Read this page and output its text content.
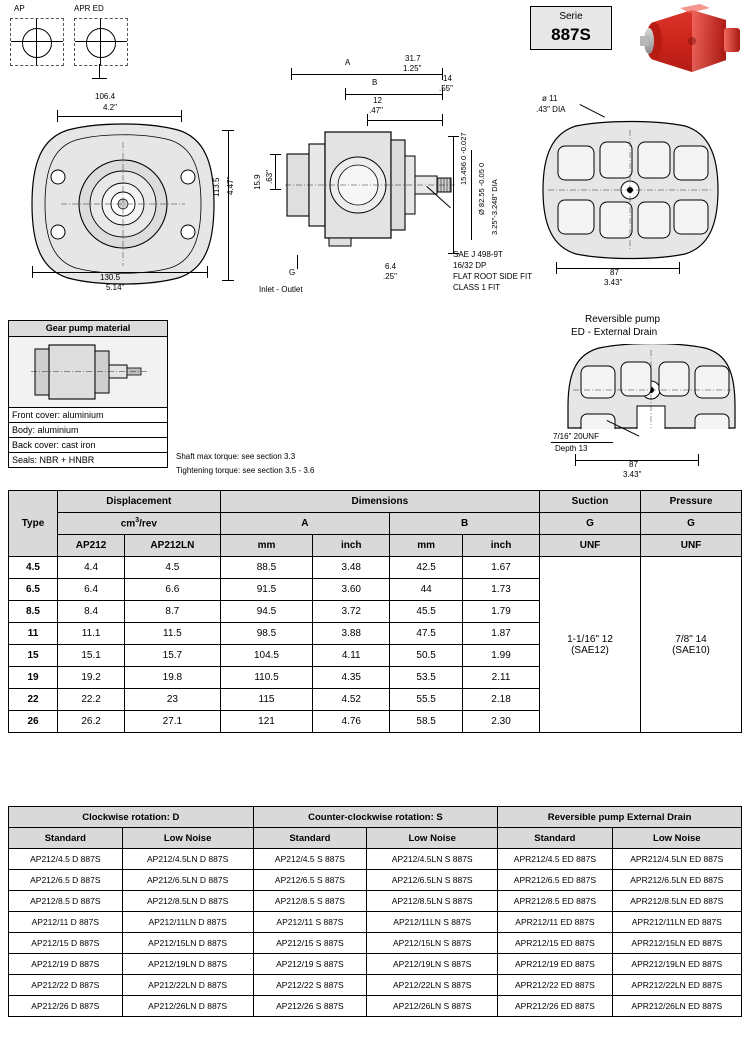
AP	APR ED
Serie
887S
106.4
4.2"
113.5 4.47"
130.5
5.14"
A
B
31.7
1.25"
14
.55"
12
.47"
15.9 .63"
6.4
.25"
G
Inlet - Outlet
15.456 0 -0.027
Ø 82.55 -0.05 0 3.25"-3.248" DIA
SAE J 498-9T
16/32 DP
FLAT ROOT SIDE FIT
CLASS 1 FIT
ø 11
.43" DIA
87
3.43"
Reversible pump
ED - External Drain
7/16" 20UNF
Depth 13
87
3.43"
Gear pump material
Front cover: aluminium
Body: aluminium
Back cover: cast iron
Seals: NBR + HNBR	Shaft max torque: see section 3.3
Tightening torque: see section 3.5 - 3.6
Type	Displacement		Dimensions				Suction	Pressure
	$cm^3$/rev		A		B		G	G
	AP212	AP212LN	mm	inch	mm	inch	UNF	UNF
4.5	4.4	4.5	88.5	3.48	42.5	1.67	
1-1/16" 12
(SAE12)

7/8" 14
(SAE10)

6.5	6.4	6.6	91.5	3.60	44	1.73		
8.5	8.4	8.7	94.5	3.72	45.5	1.79		
11	11.1	11.5	98.5	3.88	47.5	1.87		
15	15.1	15.7	104.5	4.11	50.5	1.99		
19	19.2	19.8	110.5	4.35	53.5	2.11		
22	22.2	23	115	4.52	55.5	2.18		
26	26.2	27.1	121	4.76	58.5	2.30		
Clockwise rotation: D		Counter-clockwise rotation: S		Reversible pump External Drain	
Standard	Low Noise	Standard	Low Noise	Standard	Low Noise
AP212/4.5 D 887S	AP212/4.5LN D 887S	AP212/4.5 S 887S	AP212/4.5LN S 887S	APR212/4.5 ED 887S	APR212/4.5LN ED 887S
AP212/6.5 D 887S	AP212/6.5LN D 887S	AP212/6.5 S 887S	AP212/6.5LN S 887S	APR212/6.5 ED 887S	APR212/6.5LN ED 887S
AP212/8.5 D 887S	AP212/8.5LN D 887S	AP212/8.5 S 887S	AP212/8.5LN S 887S	APR212/8.5 ED 887S	APR212/8.5LN ED 887S
AP212/11 D 887S	AP212/11LN D 887S	AP212/11 S 887S	AP212/11LN S 887S	APR212/11 ED 887S	APR212/11LN ED 887S
AP212/15 D 887S	AP212/15LN D 887S	AP212/15 S 887S	AP212/15LN S 887S	APR212/15 ED 887S	APR212/15LN ED 887S
AP212/19 D 887S	AP212/19LN D 887S	AP212/19 S 887S	AP212/19LN S 887S	APR212/19 ED 887S	APR212/19LN ED 887S
AP212/22 D 887S	AP212/22LN D 887S	AP212/22 S 887S	AP212/22LN S 887S	APR212/22 ED 887S	APR212/22LN ED 887S
AP212/26 D 887S	AP212/26LN D 887S	AP212/26 S 887S	AP212/26LN S 887S	APR212/26 ED 887S	APR212/26LN ED 887S
